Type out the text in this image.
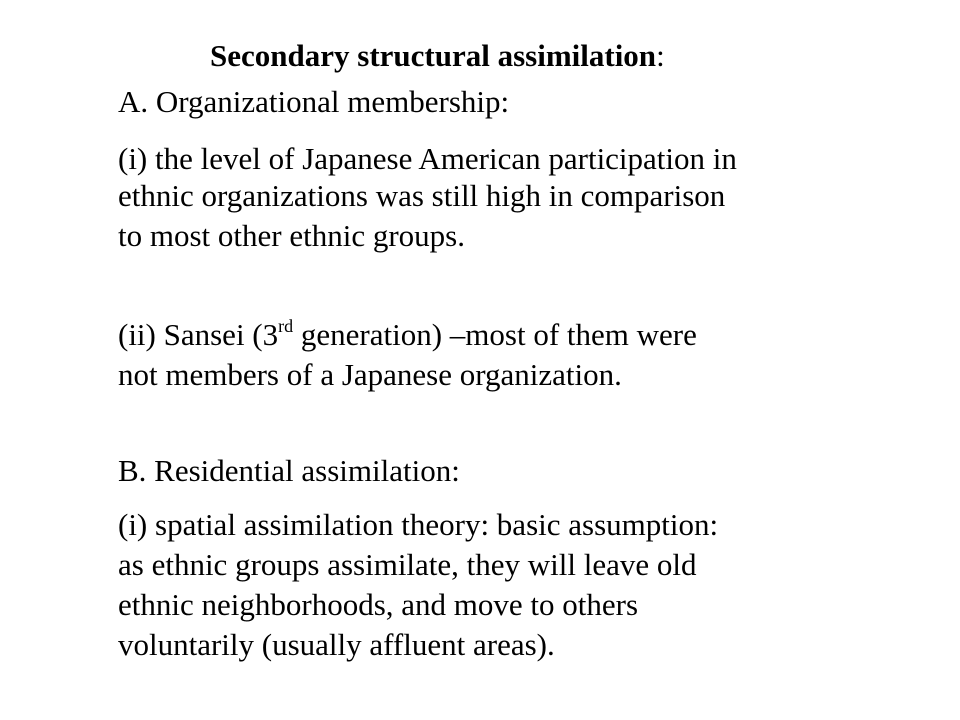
Secondary structural assimilation:
A. Organizational membership:
(i) the level of Japanese American participation in
ethnic organizations was still high in comparison
to most other ethnic groups.
(ii) Sansei (3rd generation) –most of them were
not members of a Japanese organization.
B. Residential assimilation:
(i) spatial assimilation theory: basic assumption:
as ethnic groups assimilate, they will leave old
ethnic neighborhoods, and move to others
voluntarily (usually affluent areas).
